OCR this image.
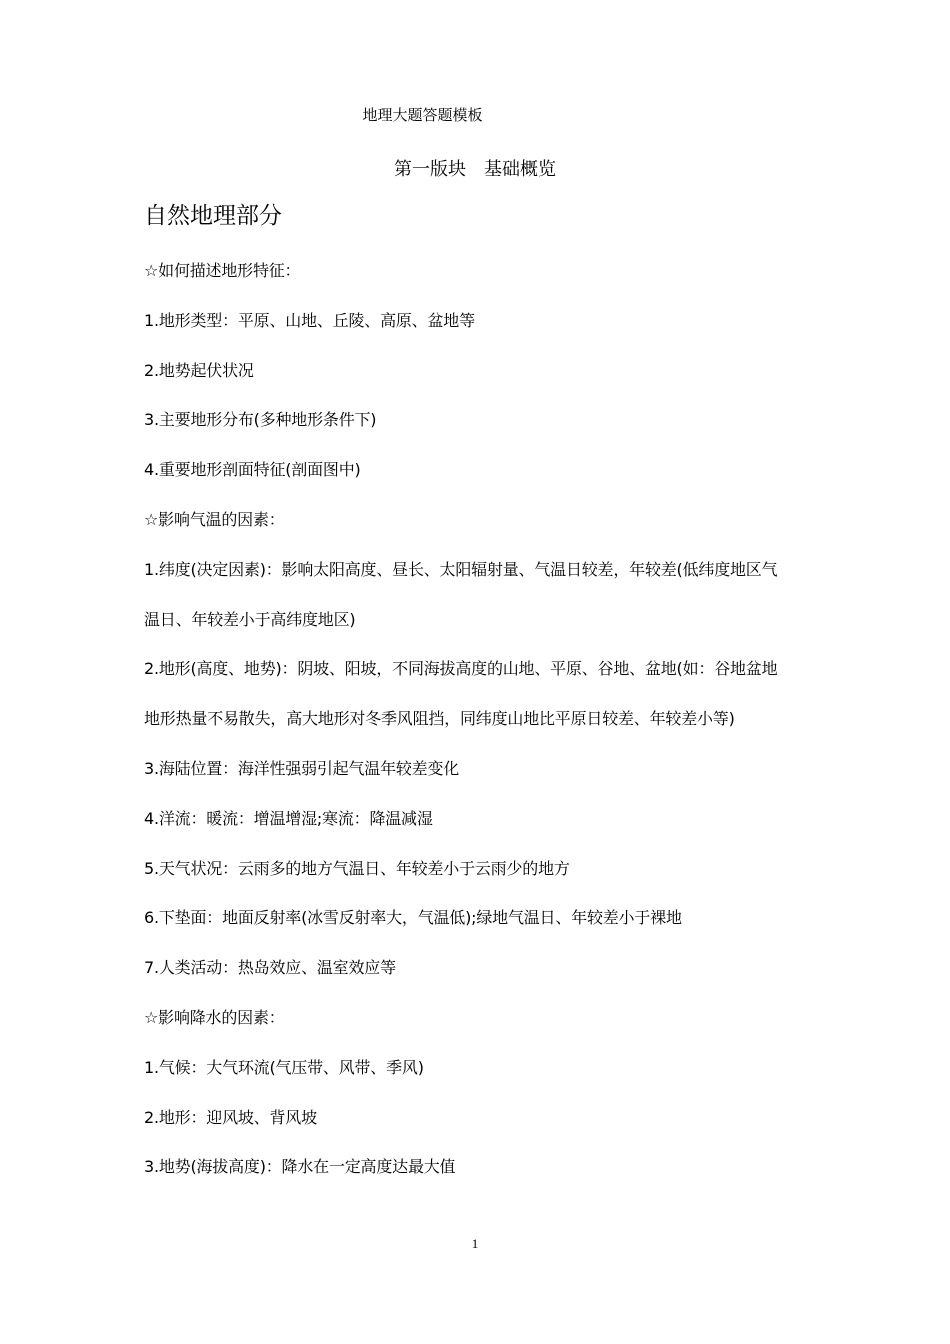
地理大题答题模板
第一版块　基础概览
自然地理部分
☆如何描述地形特征：
1.地形类型：平原、山地、丘陵、高原、盆地等
2.地势起伏状况
3.主要地形分布(多种地形条件下)
4.重要地形剖面特征(剖面图中)
☆影响气温的因素：
1.纬度(决定因素)：影响太阳高度、昼长、太阳辐射量、气温日较差，年较差(低纬度地区气
温日、年较差小于高纬度地区)
2.地形(高度、地势)：阴坡、阳坡，不同海拔高度的山地、平原、谷地、盆地(如：谷地盆地
地形热量不易散失，高大地形对冬季风阻挡，同纬度山地比平原日较差、年较差小等)
3.海陆位置：海洋性强弱引起气温年较差变化
4.洋流：暖流：增温增湿;寒流：降温减湿
5.天气状况：云雨多的地方气温日、年较差小于云雨少的地方
6.下垫面：地面反射率(冰雪反射率大，气温低);绿地气温日、年较差小于裸地
7.人类活动：热岛效应、温室效应等
☆影响降水的因素：
1.气候：大气环流(气压带、风带、季风)
2.地形：迎风坡、背风坡
3.地势(海拔高度)：降水在一定高度达最大值
1
